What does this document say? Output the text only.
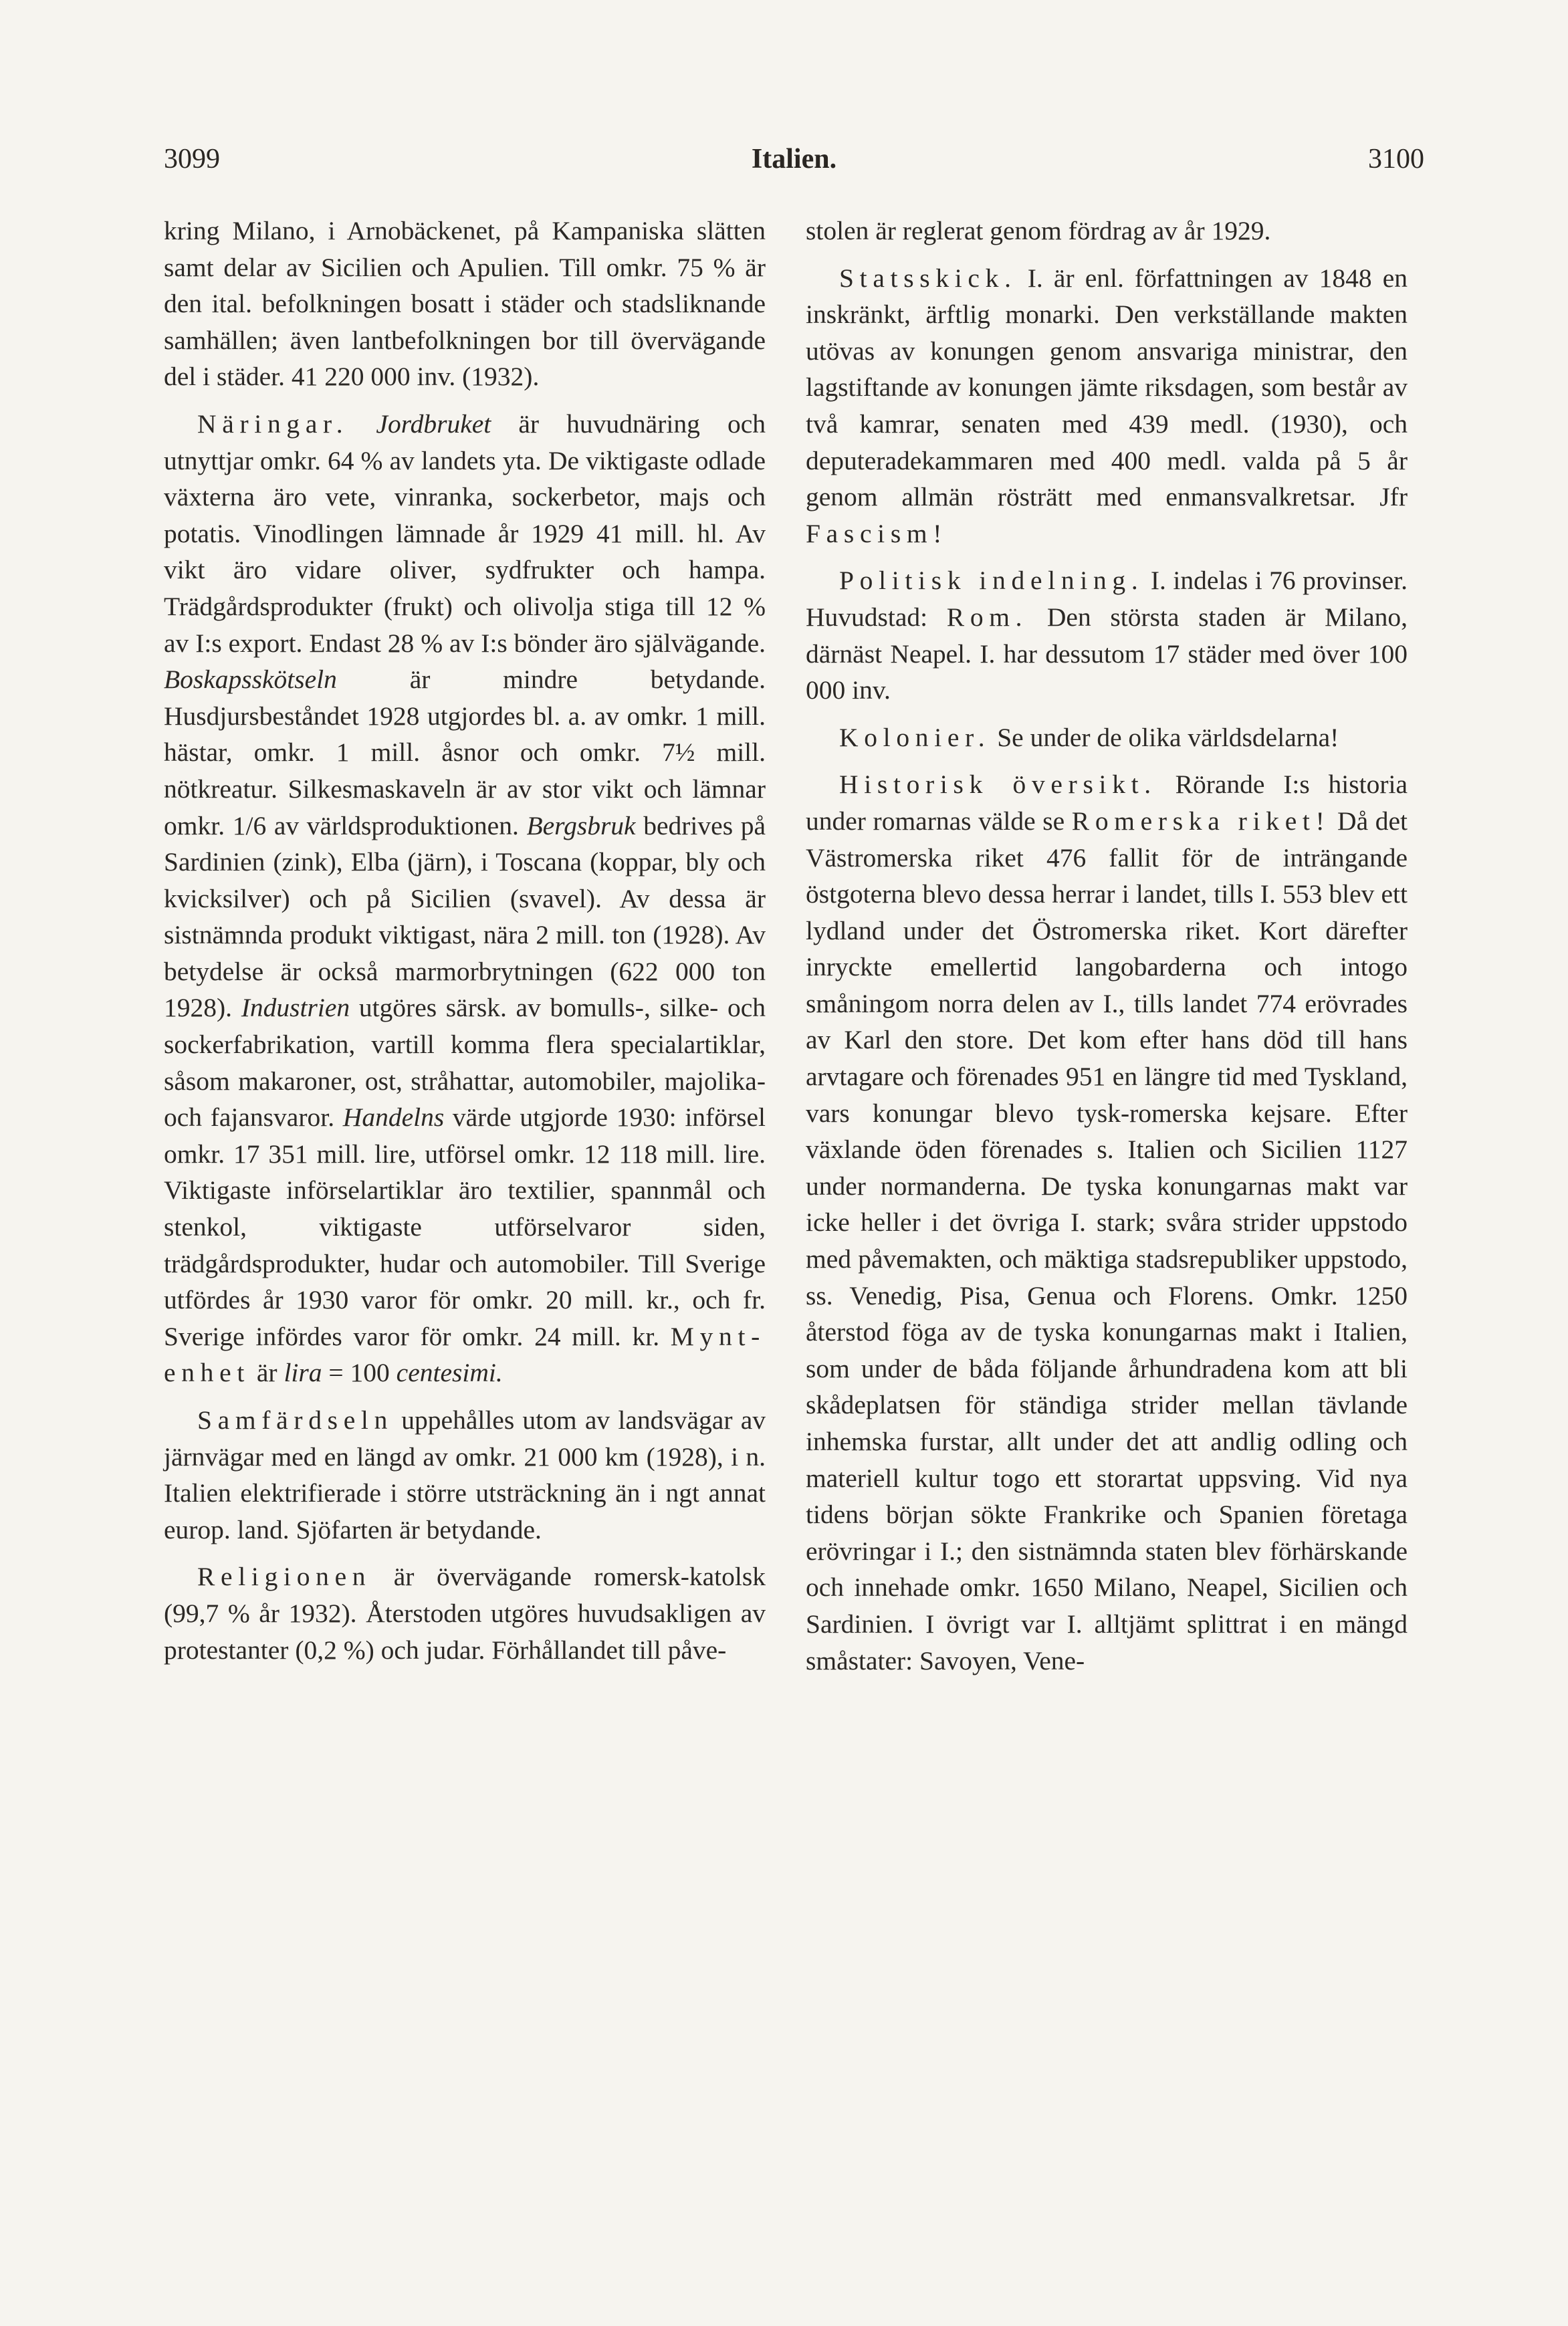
3099	Italien.	3100

kring Milano, i Arnobäckenet, på Kampaniska slätten samt delar av Sicilien och Apulien. Till omkr. 75 % är den ital. befolkningen bosatt i städer och stadsliknande samhällen; även lantbefolkningen bor till övervägande del i städer. 41 220 000 inv. (1932).

Näringar. Jordbruket är huvudnäring och utnyttjar omkr. 64 % av landets yta. De viktigaste odlade växterna äro vete, vinranka, sockerbetor, majs och potatis. Vinodlingen lämnade år 1929 41 mill. hl. Av vikt äro vidare oliver, sydfrukter och hampa. Trädgårdsprodukter (frukt) och olivolja stiga till 12 % av I:s export. Endast 28 % av I:s bönder äro självägande. Boskapsskötseln är mindre betydande. Husdjursbeståndet 1928 utgjordes bl. a. av omkr. 1 mill. hästar, omkr. 1 mill. åsnor och omkr. 7½ mill. nötkreatur. Silkesmaskaveln är av stor vikt och lämnar omkr. 1/6 av världsproduktionen. Bergsbruk bedrives på Sardinien (zink), Elba (järn), i Toscana (koppar, bly och kvicksilver) och på Sicilien (svavel). Av dessa är sistnämnda produkt viktigast, nära 2 mill. ton (1928). Av betydelse är också marmorbrytningen (622 000 ton 1928). Industrien utgöres särsk. av bomulls-, silke- och sockerfabrikation, vartill komma flera specialartiklar, såsom makaroner, ost, stråhattar, automobiler, majolika- och fajansvaror. Handelns värde utgjorde 1930: införsel omkr. 17 351 mill. lire, utförsel omkr. 12 118 mill. lire. Viktigaste införselartiklar äro textilier, spannmål och stenkol, viktigaste utförselvaror siden, trädgårdsprodukter, hudar och automobiler. Till Sverige utfördes år 1930 varor för omkr. 20 mill. kr., och fr. Sverige infördes varor för omkr. 24 mill. kr. Mynt-enhet är lira = 100 centesimi.

Samfärdseln uppehålles utom av landsvägar av järnvägar med en längd av omkr. 21 000 km (1928), i n. Italien elektrifierade i större utsträckning än i ngt annat europ. land. Sjöfarten är betydande.

Religionen är övervägande romersk-katolsk (99,7 % år 1932). Återstoden utgöres huvudsakligen av protestanter (0,2 %) och judar. Förhållandet till påve-

stolen är reglerat genom fördrag av år 1929.

Statsskick. I. är enl. författningen av 1848 en inskränkt, ärftlig monarki. Den verkställande makten utövas av konungen genom ansvariga ministrar, den lagstiftande av konungen jämte riksdagen, som består av två kamrar, senaten med 439 medl. (1930), och deputeradekammaren med 400 medl. valda på 5 år genom allmän rösträtt med enmansvalkretsar. Jfr Fascism!

Politisk indelning. I. indelas i 76 provinser. Huvudstad: Rom. Den största staden är Milano, därnäst Neapel. I. har dessutom 17 städer med över 100 000 inv.

Kolonier. Se under de olika världsdelarna!

Historisk översikt. Rörande I:s historia under romarnas välde se Romerska riket! Då det Västromerska riket 476 fallit för de inträngande östgoterna blevo dessa herrar i landet, tills I. 553 blev ett lydland under det Östromerska riket. Kort därefter inryckte emellertid langobarderna och intogo småningom norra delen av I., tills landet 774 erövrades av Karl den store. Det kom efter hans död till hans arvtagare och förenades 951 en längre tid med Tyskland, vars konungar blevo tysk-romerska kejsare. Efter växlande öden förenades s. Italien och Sicilien 1127 under normanderna. De tyska konungarnas makt var icke heller i det övriga I. stark; svåra strider uppstodo med påvemakten, och mäktiga stadsrepubliker uppstodo, ss. Venedig, Pisa, Genua och Florens. Omkr. 1250 återstod föga av de tyska konungarnas makt i Italien, som under de båda följande århundradena kom att bli skådeplatsen för ständiga strider mellan tävlande inhemska furstar, allt under det att andlig odling och materiell kultur togo ett storartat uppsving. Vid nya tidens början sökte Frankrike och Spanien företaga erövringar i I.; den sistnämnda staten blev förhärskande och innehade omkr. 1650 Milano, Neapel, Sicilien och Sardinien. I övrigt var I. alltjämt splittrat i en mängd småstater: Savoyen, Vene-
